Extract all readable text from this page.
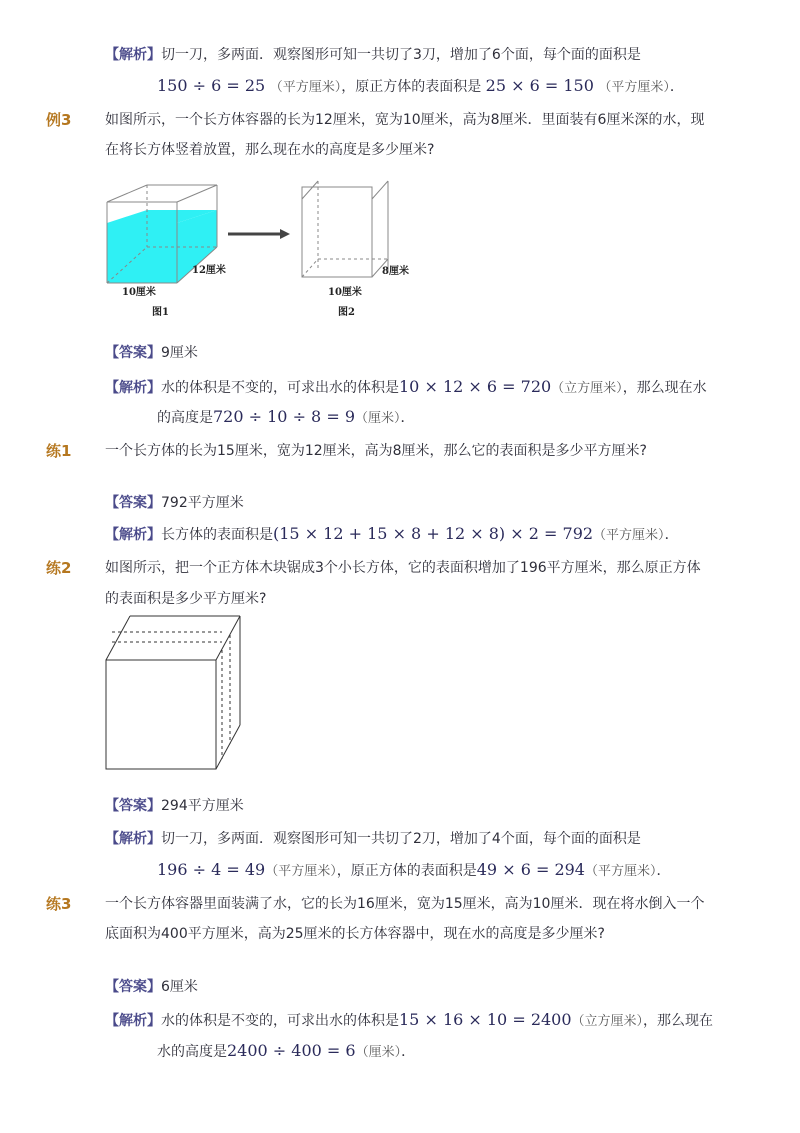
【解析】切一刀，多两面．观察图形可知一共切了3刀，增加了6个面，每个面的面积是
150 ÷ 6 = 25 （平方厘米），原正方体的表面积是 25 × 6 = 150 （平方厘米）．
例3 如图所示，一个长方体容器的长为12厘米，宽为10厘米，高为8厘米．里面装有6厘米深的水，现
在将长方体竖着放置，那么现在水的高度是多少厘米?
12厘米
10厘米
图1
8厘米
10厘米
图2
【答案】9厘米
【解析】水的体积是不变的，可求出水的体积是10 × 12 × 6 = 720（立方厘米），那么现在水
的高度是720 ÷ 10 ÷ 8 = 9（厘米）．
练1 一个长方体的长为15厘米，宽为12厘米，高为8厘米，那么它的表面积是多少平方厘米?
【答案】792平方厘米
【解析】长方体的表面积是(15 × 12 + 15 × 8 + 12 × 8) × 2 = 792（平方厘米）．
练2 如图所示，把一个正方体木块锯成3个小长方体，它的表面积增加了196平方厘米，那么原正方体
的表面积是多少平方厘米?
【答案】294平方厘米
【解析】切一刀，多两面．观察图形可知一共切了2刀，增加了4个面，每个面的面积是
196 ÷ 4 = 49（平方厘米），原正方体的表面积是49 × 6 = 294（平方厘米）．
练3 一个长方体容器里面装满了水，它的长为16厘米，宽为15厘米，高为10厘米．现在将水倒入一个
底面积为400平方厘米，高为25厘米的长方体容器中，现在水的高度是多少厘米?
【答案】6厘米
【解析】水的体积是不变的，可求出水的体积是15 × 16 × 10 = 2400（立方厘米），那么现在
水的高度是2400 ÷ 400 = 6（厘米）．
